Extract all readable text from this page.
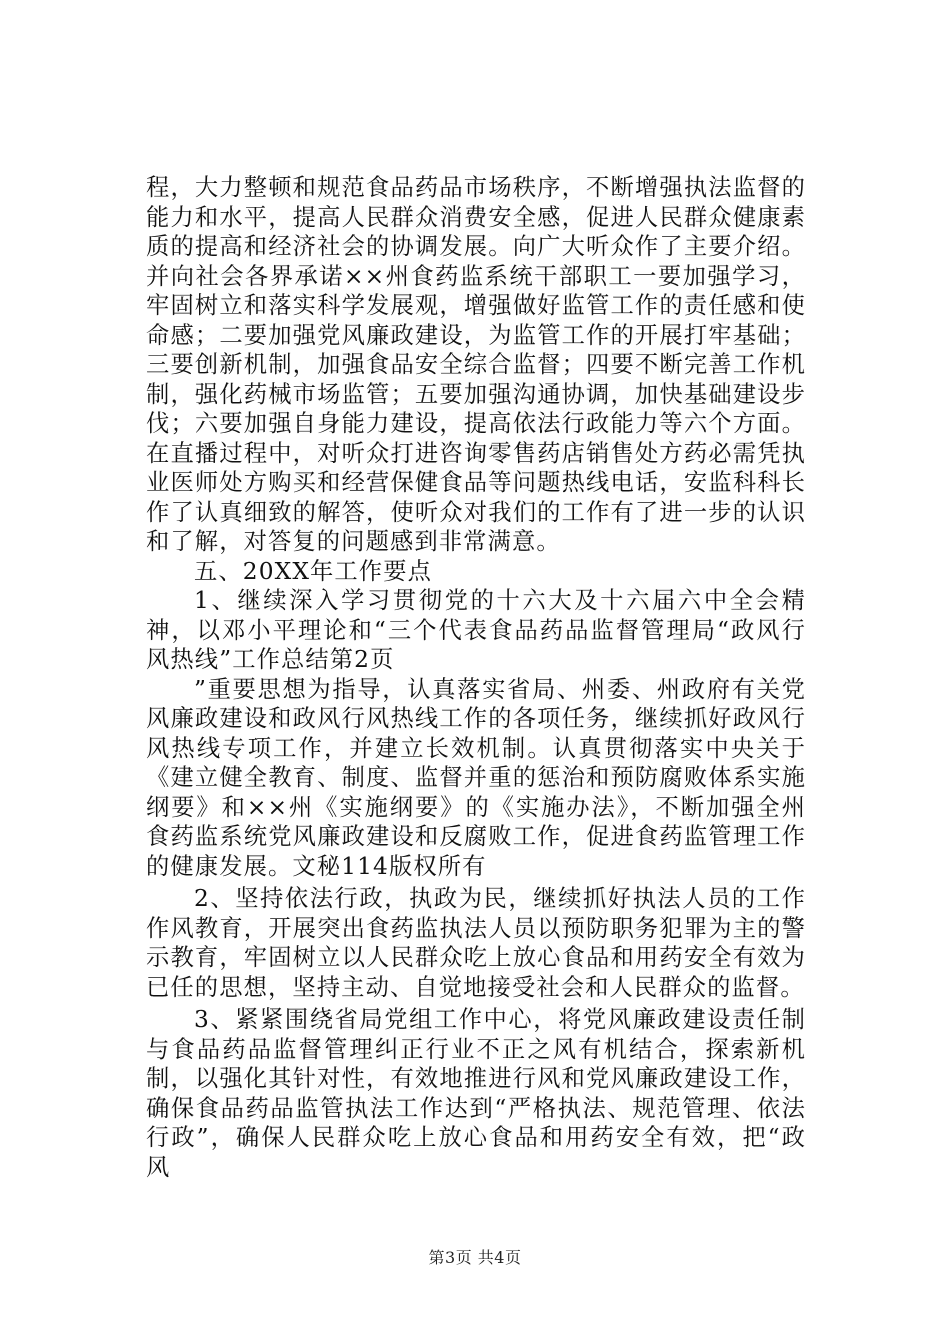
程，大力整顿和规范食品药品市场秩序，不断增强执法监督的能力和水平，提高人民群众消费安全感，促进人民群众健康素质的提高和经济社会的协调发展。向广大听众作了主要介绍。并向社会各界承诺××州食药监系统干部职工一要加强学习，牢固树立和落实科学发展观，增强做好监管工作的责任感和使命感；二要加强党风廉政建设，为监管工作的开展打牢基础；三要创新机制，加强食品安全综合监督；四要不断完善工作机制，强化药械市场监管；五要加强沟通协调，加快基础建设步伐；六要加强自身能力建设，提高依法行政能力等六个方面。在直播过程中，对听众打进咨询零售药店销售处方药必需凭执业医师处方购买和经营保健食品等问题热线电话，安监科科长作了认真细致的解答，使听众对我们的工作有了进一步的认识和了解，对答复的问题感到非常满意。

五、20XX年工作要点

1、继续深入学习贯彻党的十六大及十六届六中全会精神，以邓小平理论和“三个代表食品药品监督管理局“政风行风热线”工作总结第2页

”重要思想为指导，认真落实省局、州委、州政府有关党风廉政建设和政风行风热线工作的各项任务，继续抓好政风行风热线专项工作，并建立长效机制。认真贯彻落实中央关于《建立健全教育、制度、监督并重的惩治和预防腐败体系实施纲要》和××州《实施纲要》的《实施办法》，不断加强全州食药监系统党风廉政建设和反腐败工作，促进食药监管理工作的健康发展。文秘114版权所有

2、坚持依法行政，执政为民，继续抓好执法人员的工作作风教育，开展突出食药监执法人员以预防职务犯罪为主的警示教育，牢固树立以人民群众吃上放心食品和用药安全有效为已任的思想，坚持主动、自觉地接受社会和人民群众的监督。

3、紧紧围绕省局党组工作中心，将党风廉政建设责任制与食品药品监督管理纠正行业不正之风有机结合，探索新机制，以强化其针对性，有效地推进行风和党风廉政建设工作，确保食品药品监管执法工作达到“严格执法、规范管理、依法行政”，确保人民群众吃上放心食品和用药安全有效，把“政风

第3页 共4页
